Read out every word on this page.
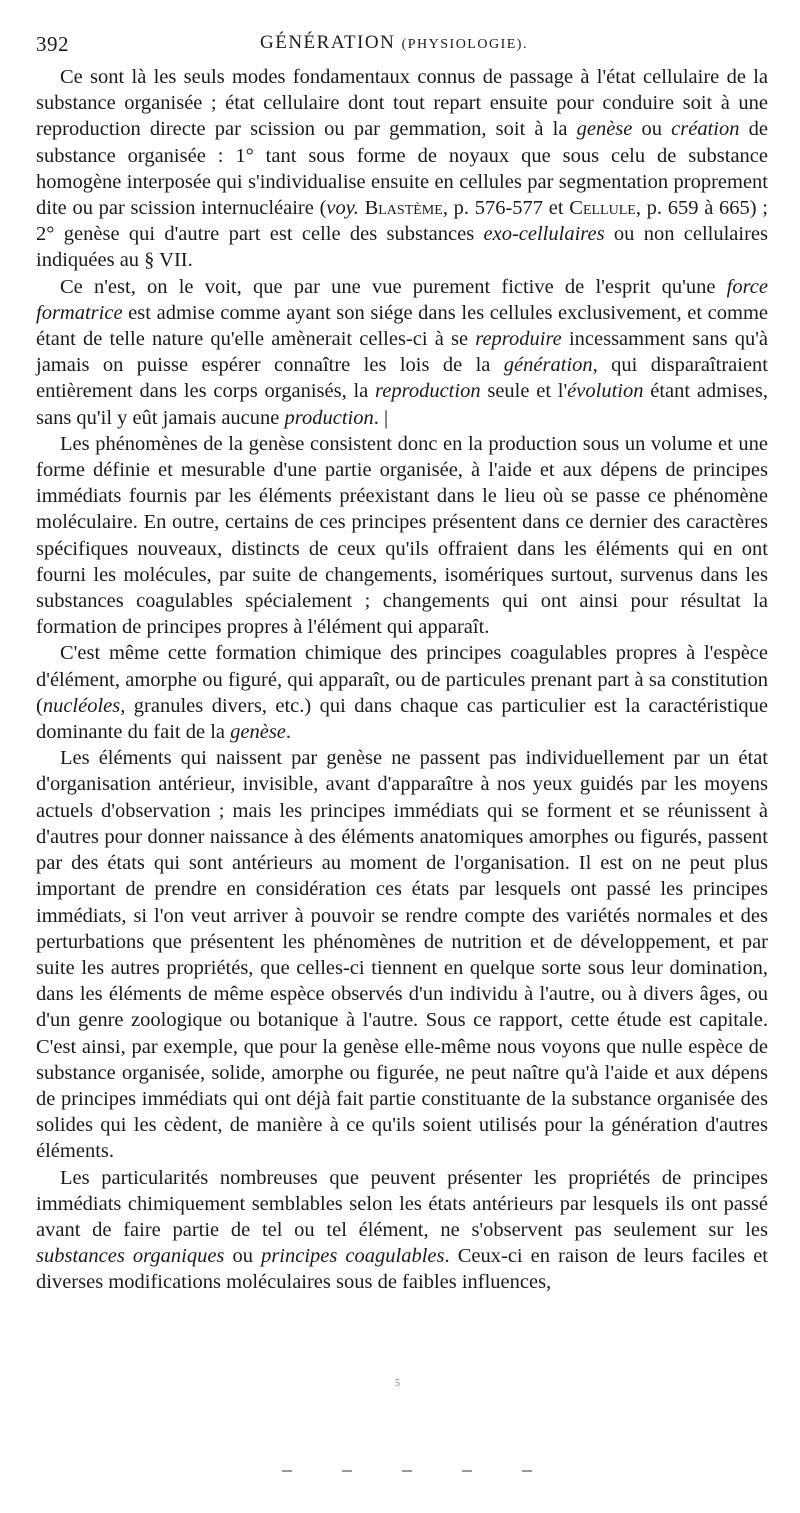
392	GÉNÉRATION (PHYSIOLOGIE).

Ce sont là les seuls modes fondamentaux connus de passage à l'état cellulaire de la substance organisée ; état cellulaire dont tout repart ensuite pour conduire soit à une reproduction directe par scission ou par gemmation, soit à la genèse ou création de substance organisée : 1° tant sous forme de noyaux que sous celu de substance homogène interposée qui s'individualise ensuite en cellules par segmentation proprement dite ou par scission internucléaire (voy. Blastème, p. 576-577 et Cellule, p. 659 à 665) ; 2° genèse qui d'autre part est celle des substances exo-cellulaires ou non cellulaires indiquées au § VII.

Ce n'est, on le voit, que par une vue purement fictive de l'esprit qu'une force formatrice est admise comme ayant son siége dans les cellules exclusivement, et comme étant de telle nature qu'elle amènerait celles-ci à se reproduire incessamment sans qu'à jamais on puisse espérer connaître les lois de la génération, qui disparaîtraient entièrement dans les corps organisés, la reproduction seule et l'évolution étant admises, sans qu'il y eût jamais aucune production. |

Les phénomènes de la genèse consistent donc en la production sous un volume et une forme définie et mesurable d'une partie organisée, à l'aide et aux dépens de principes immédiats fournis par les éléments préexistant dans le lieu où se passe ce phénomène moléculaire. En outre, certains de ces principes présentent dans ce dernier des caractères spécifiques nouveaux, distincts de ceux qu'ils offraient dans les éléments qui en ont fourni les molécules, par suite de changements, isomériques surtout, survenus dans les substances coagulables spécialement ; changements qui ont ainsi pour résultat la formation de principes propres à l'élément qui apparaît.

C'est même cette formation chimique des principes coagulables propres à l'espèce d'élément, amorphe ou figuré, qui apparaît, ou de particules prenant part à sa constitution (nucléoles, granules divers, etc.) qui dans chaque cas particulier est la caractéristique dominante du fait de la genèse.

Les éléments qui naissent par genèse ne passent pas individuellement par un état d'organisation antérieur, invisible, avant d'apparaître à nos yeux guidés par les moyens actuels d'observation ; mais les principes immédiats qui se forment et se réunissent à d'autres pour donner naissance à des éléments anatomiques amorphes ou figurés, passent par des états qui sont antérieurs au moment de l'organisation. Il est on ne peut plus important de prendre en considération ces états par lesquels ont passé les principes immédiats, si l'on veut arriver à pouvoir se rendre compte des variétés normales et des perturbations que présentent les phénomènes de nutrition et de développement, et par suite les autres propriétés, que celles-ci tiennent en quelque sorte sous leur domination, dans les éléments de même espèce observés d'un individu à l'autre, ou à divers âges, ou d'un genre zoologique ou botanique à l'autre. Sous ce rapport, cette étude est capitale. C'est ainsi, par exemple, que pour la genèse elle-même nous voyons que nulle espèce de substance organisée, solide, amorphe ou figurée, ne peut naître qu'à l'aide et aux dépens de principes immédiats qui ont déjà fait partie constituante de la substance organisée des solides qui les cèdent, de manière à ce qu'ils soient utilisés pour la génération d'autres éléments.

Les particularités nombreuses que peuvent présenter les propriétés de principes immédiats chimiquement semblables selon les états antérieurs par lesquels ils ont passé avant de faire partie de tel ou tel élément, ne s'observent pas seulement sur les substances organiques ou principes coagulables. Ceux-ci en raison de leurs faciles et diverses modifications moléculaires sous de faibles influences,

5
